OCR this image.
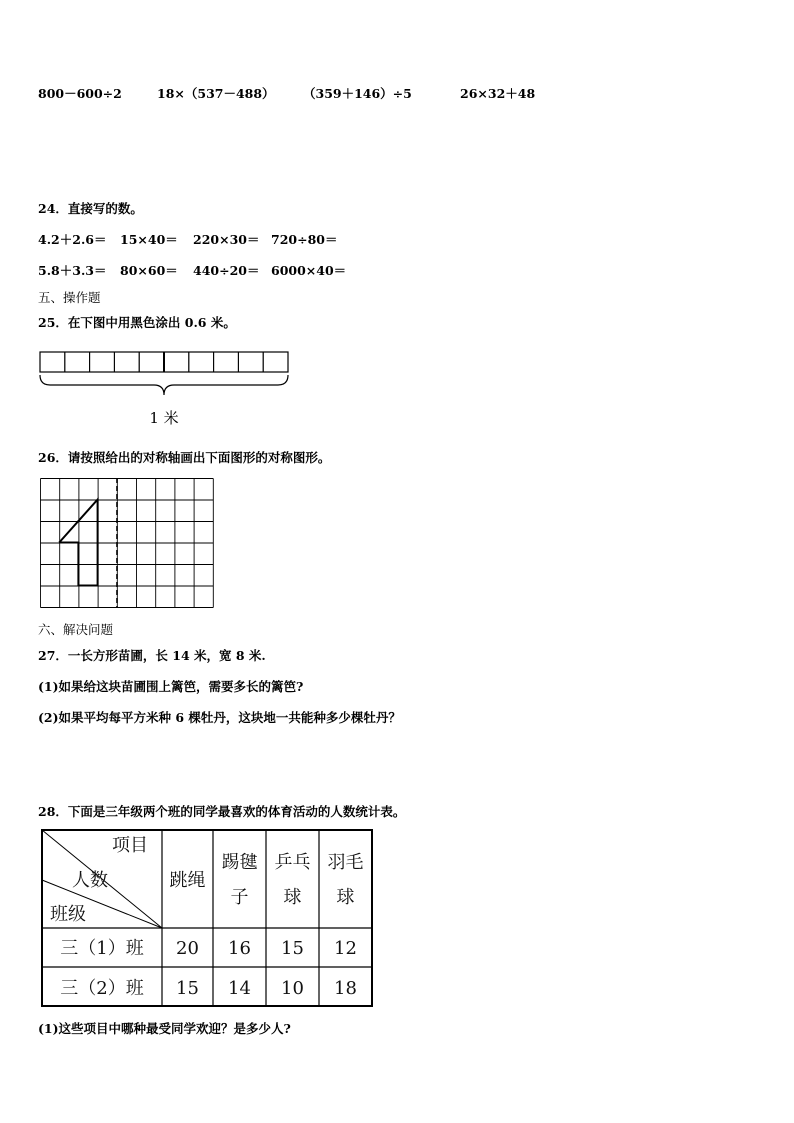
800－600÷2	18×（537－488） （359＋146）÷5	26×32＋48
24．直接写的数。
4.2＋2.6＝ 15×40＝ 220×30＝ 720÷80＝
5.8＋3.3＝ 80×60＝ 440÷20＝ 6000×40＝
五、操作题
25．在下图中用黑色涂出 0.6 米。
1 米
26．请按照给出的对称轴画出下面图形的对称图形。
六、解决问题
27．一长方形苗圃，长 14 米，宽 8 米.
(1)如果给这块苗圃围上篱笆，需要多长的篱笆?
(2)如果平均每平方米种 6 棵牡丹，这块地一共能种多少棵牡丹？
28．下面是三年级两个班的同学最喜欢的体育活动的人数统计表。
项目
人数
班级
跳绳
踢毽
子
乒乓
球
羽毛
球
三（1）班 20 16 15 12
三（2）班 15 14 10 18
(1)这些项目中哪种最受同学欢迎？是多少人?
